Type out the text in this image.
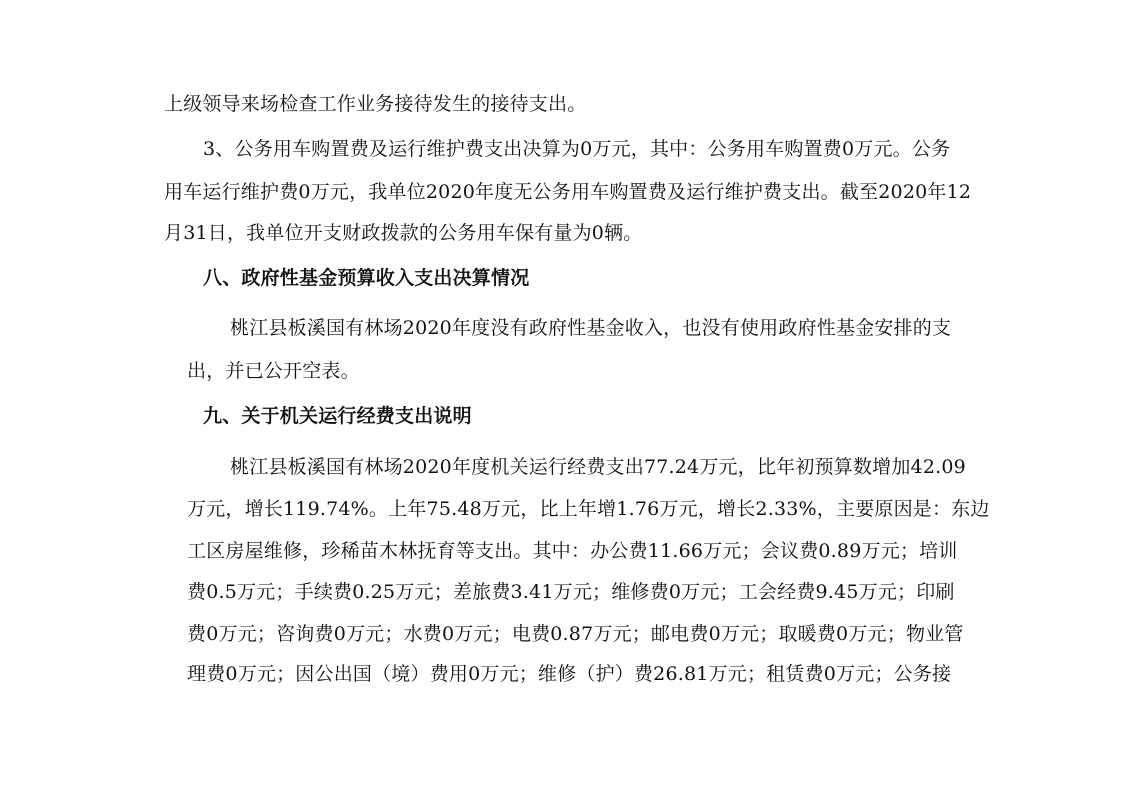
上级领导来场检查工作业务接待发生的接待支出。
3、公务用车购置费及运行维护费支出决算为0万元，其中：公务用车购置费0万元。公务
用车运行维护费0万元，我单位2020年度无公务用车购置费及运行维护费支出。截至2020年12
月31日，我单位开支财政拨款的公务用车保有量为0辆。
八、政府性基金预算收入支出决算情况
桃江县板溪国有林场2020年度没有政府性基金收入，也没有使用政府性基金安排的支
出，并已公开空表。
九、关于机关运行经费支出说明
桃江县板溪国有林场2020年度机关运行经费支出77.24万元，比年初预算数增加42.09
万元，增长119.74%。上年75.48万元，比上年增1.76万元，增长2.33%，主要原因是：东边
工区房屋维修，珍稀苗木林抚育等支出。其中：办公费11.66万元；会议费0.89万元；培训
费0.5万元；手续费0.25万元；差旅费3.41万元；维修费0万元；工会经费9.45万元；印刷
费0万元；咨询费0万元；水费0万元；电费0.87万元；邮电费0万元；取暖费0万元；物业管
理费0万元；因公出国（境）费用0万元；维修（护）费26.81万元；租赁费0万元；公务接
